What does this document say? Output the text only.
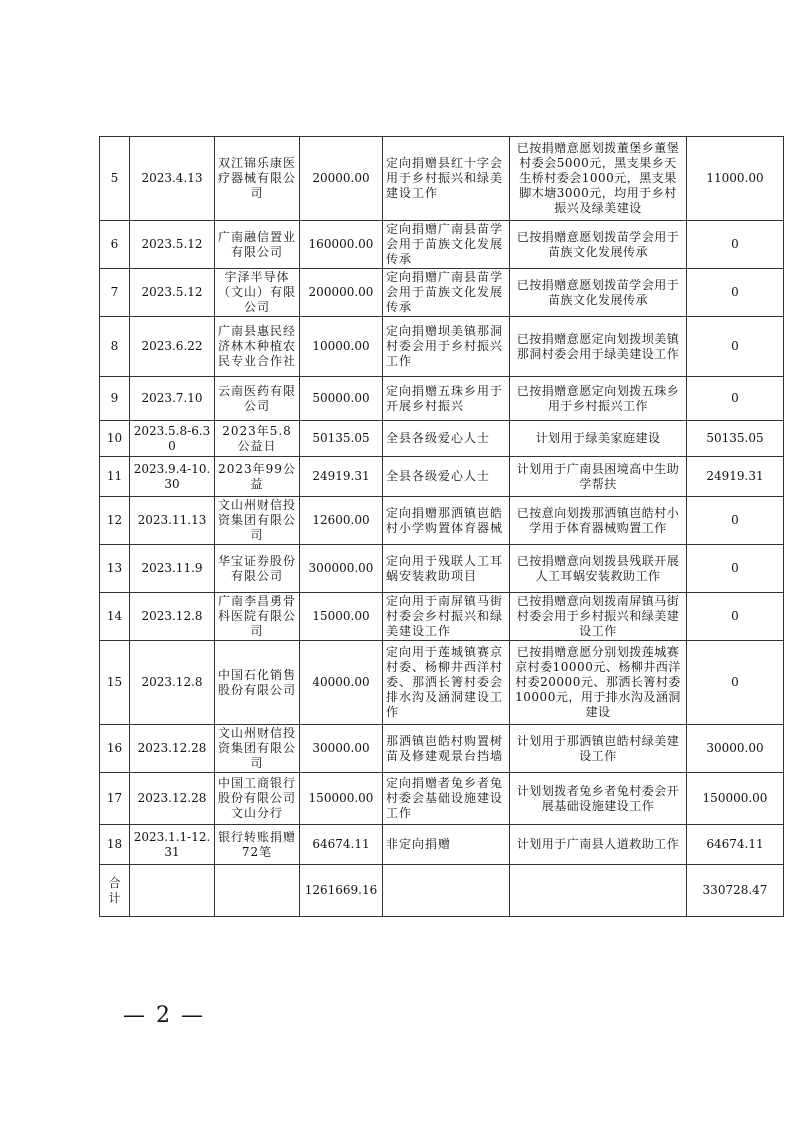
5	2023.4.13	双江锦乐康医疗器械有限公司	20000.00	定向捐赠县红十字会用于乡村振兴和绿美建设工作	已按捐赠意愿划拨董堡乡董堡村委会5000元，黑支果乡天生桥村委会1000元，黑支果脚木塘3000元，均用于乡村振兴及绿美建设	11000.00
6	2023.5.12	广南融信置业有限公司	160000.00	定向捐赠广南县苗学会用于苗族文化发展传承	已按捐赠意愿划拨苗学会用于苗族文化发展传承	0
7	2023.5.12	宇泽半导体（文山）有限公司	200000.00	定向捐赠广南县苗学会用于苗族文化发展传承	已按捐赠意愿划拨苗学会用于苗族文化发展传承	0
8	2023.6.22	广南县惠民经济林木种植农民专业合作社	10000.00	定向捐赠坝美镇那洞村委会用于乡村振兴工作	已按捐赠意愿定向划拨坝美镇那洞村委会用于绿美建设工作	0
9	2023.7.10	云南医药有限公司	50000.00	定向捐赠五珠乡用于开展乡村振兴	已按捐赠意愿定向划拨五珠乡用于乡村振兴工作	0
10	2023.5.8-6.30	2023年5.8公益日	50135.05	全县各级爱心人士	计划用于绿美家庭建设	50135.05
11	2023.9.4-10.30	2023年99公益	24919.31	全县各级爱心人士	计划用于广南县困境高中生助学帮扶	24919.31
12	2023.11.13	文山州财信投资集团有限公司	12600.00	定向捐赠那洒镇岜皓村小学购置体育器械	已按意向划拨那洒镇岜皓村小学用于体育器械购置工作	0
13	2023.11.9	华宝证券股份有限公司	300000.00	定向用于残联人工耳蜗安装救助项目	已按捐赠意向划拨县残联开展人工耳蜗安装救助工作	0
14	2023.12.8	广南李昌勇骨科医院有限公司	15000.00	定向用于南屏镇马街村委会乡村振兴和绿美建设工作	已按捐赠意向划拨南屏镇马街村委会用于乡村振兴和绿美建设工作	0
15	2023.12.8	中国石化销售股份有限公司	40000.00	定向用于莲城镇赛京村委、杨柳井西洋村委、那洒长箐村委会排水沟及涵洞建设工作	已按捐赠意愿分别划拨莲城赛京村委10000元、杨柳井西洋村委20000元、那洒长箐村委10000元，用于排水沟及涵洞建设	0
16	2023.12.28	文山州财信投资集团有限公司	30000.00	那洒镇岜皓村购置树苗及修建观景台挡墙	计划用于那洒镇岜皓村绿美建设工作	30000.00
17	2023.12.28	中国工商银行股份有限公司文山分行	150000.00	定向捐赠者兔乡者兔村委会基础设施建设工作	计划划拨者兔乡者兔村委会开展基础设施建设工作	150000.00
18	2023.1.1-12.31	银行转账捐赠72笔	64674.11	非定向捐赠	计划用于广南县人道救助工作	64674.11
合计			1261669.16			330728.47
— 2 —
